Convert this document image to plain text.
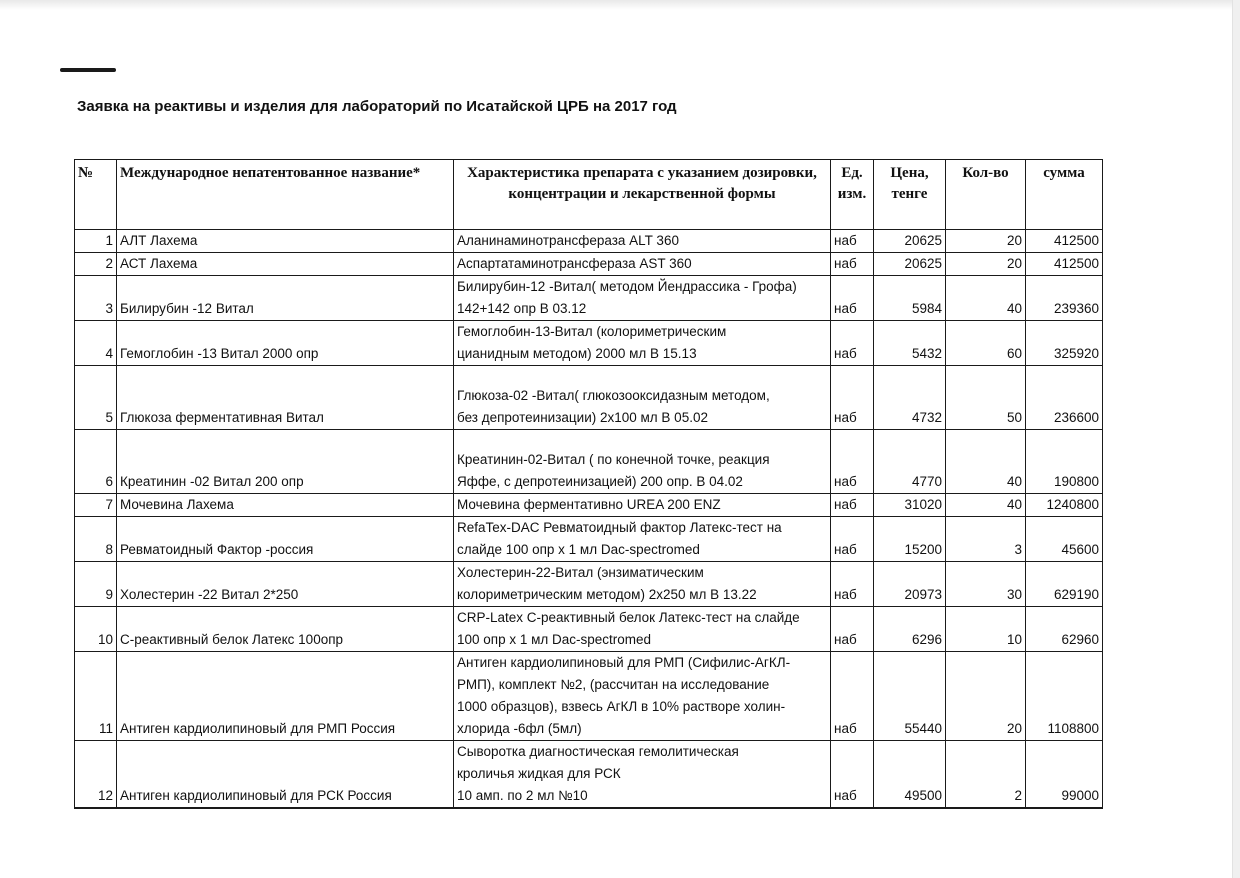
Заявка на реактивы и изделия для лабораторий по Исатайской ЦРБ на 2017 год
№	Международное непатентованное название*	Характеристика препарата с указанием дозировки, концентрации и лекарственной формы	Ед. изм.	Цена, тенге	Кол-во	сумма
1	АЛТ Лахема	Аланинаминотрансфераза ALT 360	наб	20625	20	412500
2	АСТ Лахема	Аспартатаминотрансфераза AST 360	наб	20625	20	412500
3	Билирубин -12 Витал	Билирубин-12 -Витал( методом Йендрассика - Грофа)
142+142 опр В 03.12	наб	5984	40	239360
4	Гемоглобин -13 Витал 2000 опр	Гемоглобин-13-Витал (колориметрическим
цианидным методом) 2000 мл В 15.13	наб	5432	60	325920
5	Глюкоза ферментативная Витал	Глюкоза-02 -Витал( глюкозооксидазным методом,
без депротеинизации) 2х100 мл В 05.02	наб	4732	50	236600
6	Креатинин -02 Витал 200 опр	Креатинин-02-Витал ( по конечной точке, реакция
Яффе, с депротеинизацией) 200 опр. В 04.02	наб	4770	40	190800
7	Мочевина Лахема	Мочевина ферментативно UREA 200 ENZ	наб	31020	40	1240800
8	Ревматоидный Фактор -россия	RefaTex-DAC Ревматоидный фактор Латекс-тест на
слайде 100 опр х 1 мл Dac-spectromed	наб	15200	3	45600
9	Холестерин -22 Витал 2*250	Холестерин-22-Витал (энзиматическим
колориметрическим методом) 2х250 мл В 13.22	наб	20973	30	629190
10	С-реактивный белок Латекс 100опр	CRP-Latex С-реактивный белок Латекс-тест на слайде
100 опр х 1 мл Dac-spectromed	наб	6296	10	62960
11	Антиген кардиолипиновый для РМП Россия	Антиген кардиолипиновый для РМП (Сифилис-АгКЛ-
РМП), комплект №2, (рассчитан на исследование
1000 образцов), взвесь АгКЛ в 10% растворе холин-
хлорида -6фл (5мл)	наб	55440	20	1108800
12	Антиген кардиолипиновый для РСК Россия	Сыворотка диагностическая гемолитическая
кроличья жидкая для РСК
10 амп. по 2 мл №10	наб	49500	2	99000
